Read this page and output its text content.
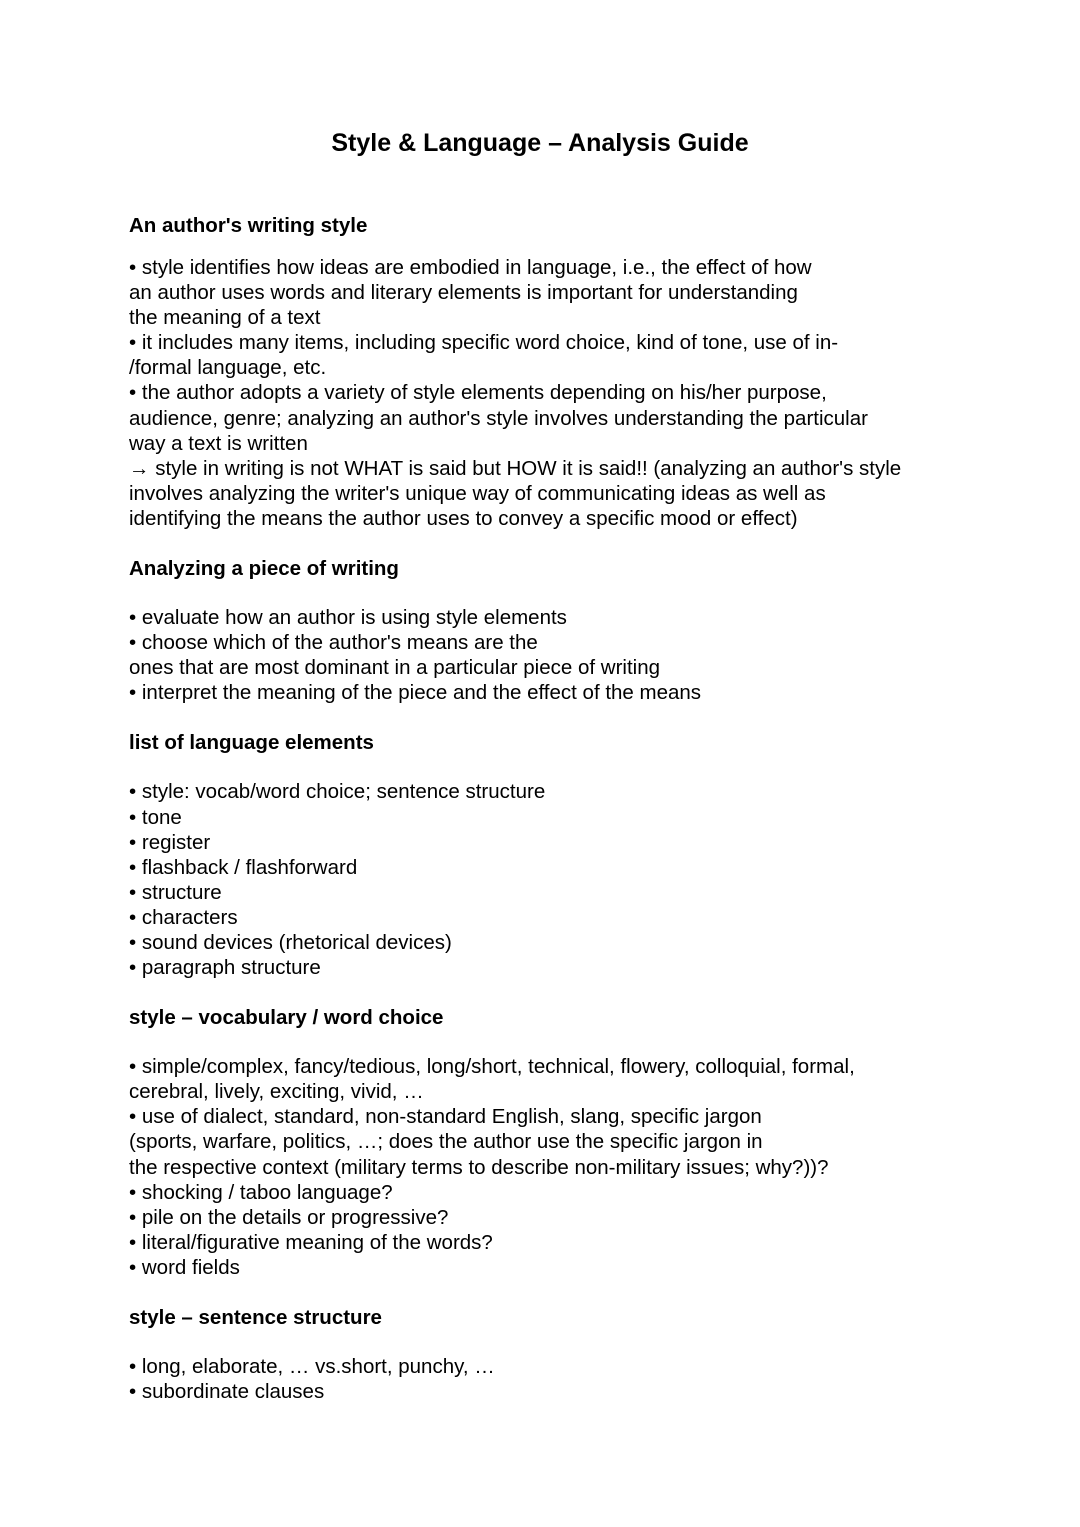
Style & Language – Analysis Guide
An author's writing style

• style identifies how ideas are embodied in language, i.e., the effect of how
an author uses words and literary elements is important for understanding
the meaning of a text
• it includes many items, including specific word choice, kind of tone, use of in-
/formal language, etc.
• the author adopts a variety of style elements depending on his/her purpose,
audience, genre; analyzing an author's style involves understanding the particular
way a text is written
→ style in writing is not WHAT is said but HOW it is said!! (analyzing an author's style
involves analyzing the writer's unique way of communicating ideas as well as
identifying the means the author uses to convey a specific mood or effect)

Analyzing a piece of writing

• evaluate how an author is using style elements
• choose which of the author's means are the
ones that are most dominant in a particular piece of writing
• interpret the meaning of the piece and the effect of the means

list of language elements

• style: vocab/word choice; sentence structure
• tone
• register
• flashback / flashforward
• structure
• characters
• sound devices (rhetorical devices)
• paragraph structure

style – vocabulary / word choice

• simple/complex, fancy/tedious, long/short, technical, flowery, colloquial, formal,
cerebral, lively, exciting, vivid, …
• use of dialect, standard, non-standard English, slang, specific jargon
(sports, warfare, politics, …; does the author use the specific jargon in
the respective context (military terms to describe non-military issues; why?))?
• shocking / taboo language?
• pile on the details or progressive?
• literal/figurative meaning of the words?
• word fields

style – sentence structure

• long, elaborate, … vs.short, punchy, …
• subordinate clauses
